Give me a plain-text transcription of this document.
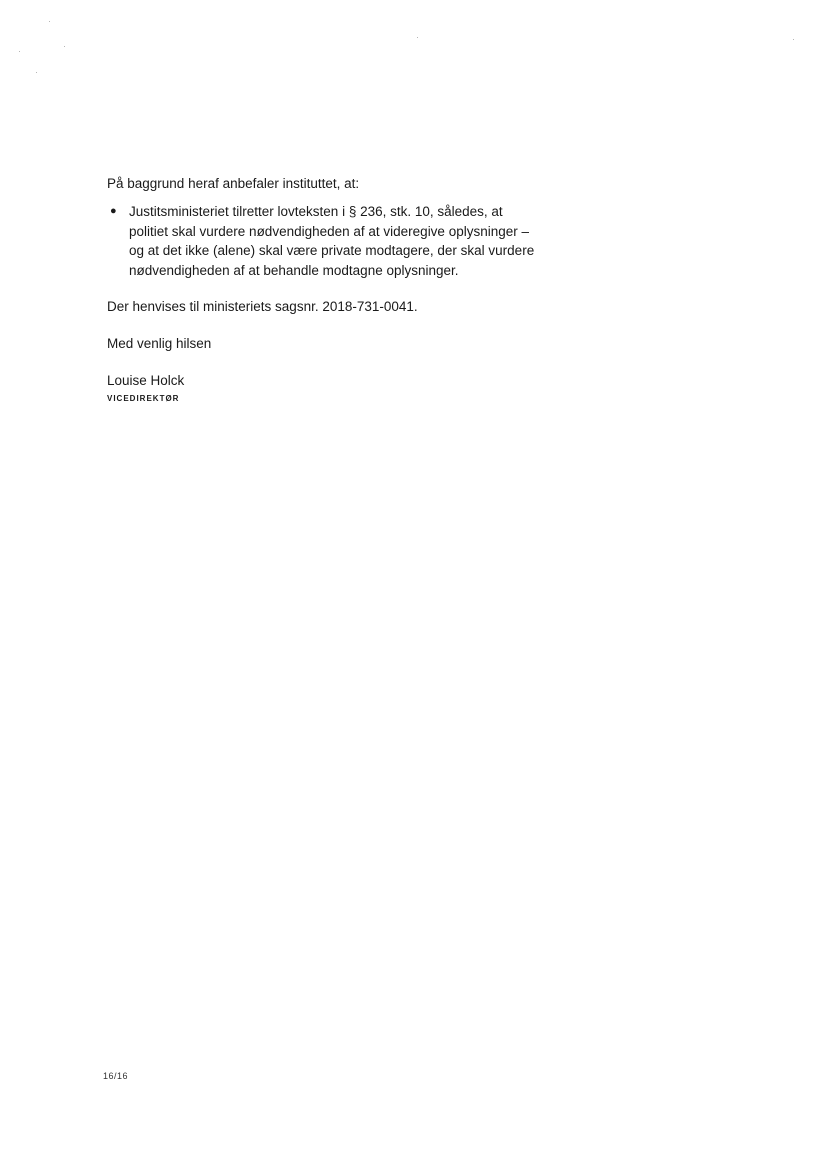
På baggrund heraf anbefaler instituttet, at:

● Justitsministeriet tilretter lovteksten i § 236, stk. 10, således, at
politiet skal vurdere nødvendigheden af at videregive oplysninger –
og at det ikke (alene) skal være private modtagere, der skal vurdere
nødvendigheden af at behandle modtagne oplysninger.

Der henvises til ministeriets sagsnr. 2018-731-0041.

Med venlig hilsen

Louise Holck

VICEDIREKTØR
16/16
